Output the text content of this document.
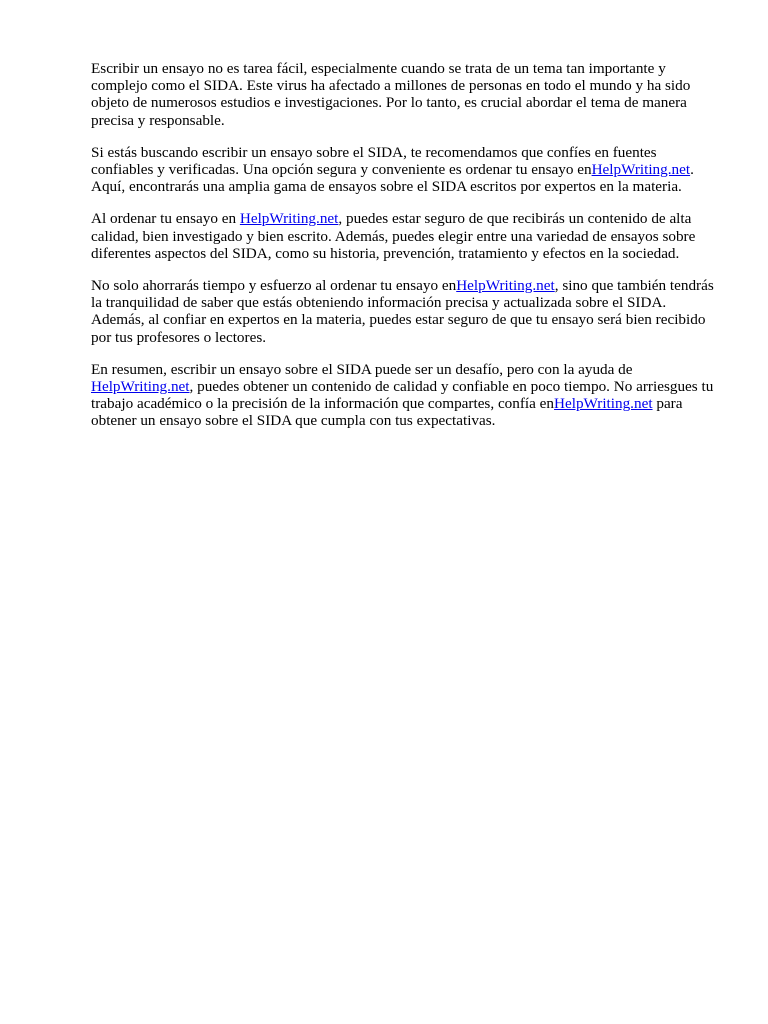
Escribir un ensayo no es tarea fácil, especialmente cuando se trata de un tema tan importante y complejo como el SIDA. Este virus ha afectado a millones de personas en todo el mundo y ha sido objeto de numerosos estudios e investigaciones. Por lo tanto, es crucial abordar el tema de manera precisa y responsable.

Si estás buscando escribir un ensayo sobre el SIDA, te recomendamos que confíes en fuentes confiables y verificadas. Una opción segura y conveniente es ordenar tu ensayo enHelpWriting.net. Aquí, encontrarás una amplia gama de ensayos sobre el SIDA escritos por expertos en la materia.

Al ordenar tu ensayo en HelpWriting.net, puedes estar seguro de que recibirás un contenido de alta calidad, bien investigado y bien escrito. Además, puedes elegir entre una variedad de ensayos sobre diferentes aspectos del SIDA, como su historia, prevención, tratamiento y efectos en la sociedad.

No solo ahorrarás tiempo y esfuerzo al ordenar tu ensayo enHelpWriting.net, sino que también tendrás la tranquilidad de saber que estás obteniendo información precisa y actualizada sobre el SIDA. Además, al confiar en expertos en la materia, puedes estar seguro de que tu ensayo será bien recibido por tus profesores o lectores.

En resumen, escribir un ensayo sobre el SIDA puede ser un desafío, pero con la ayuda de HelpWriting.net, puedes obtener un contenido de calidad y confiable en poco tiempo. No arriesgues tu trabajo académico o la precisión de la información que compartes, confía enHelpWriting.net para obtener un ensayo sobre el SIDA que cumpla con tus expectativas.
